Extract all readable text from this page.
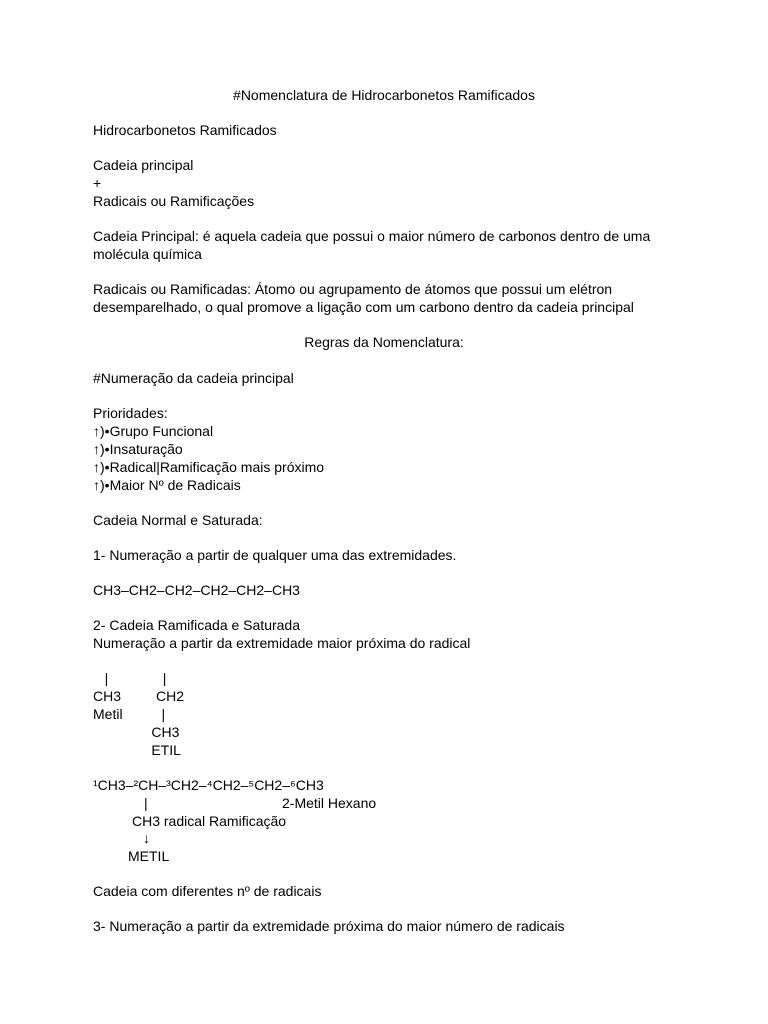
#Nomenclatura de Hidrocarbonetos Ramificados
Hidrocarbonetos Ramificados
Cadeia principal
+
Radicais ou Ramificações
Cadeia Principal: é aquela cadeia que possui o maior número de carbonos dentro de uma
molécula química
Radicais ou Ramificadas: Átomo ou agrupamento de átomos que possui um elétron
desemparelhado, o qual promove a ligação com um carbono dentro da cadeia principal
Regras da Nomenclatura:
#Numeração da cadeia principal
Prioridades:
↑)•Grupo Funcional
↑)•Insaturação
↑)•Radical|Ramificação mais próximo
↑)•Maior Nº de Radicais
Cadeia Normal e Saturada:
1- Numeração a partir de qualquer uma das extremidades.
CH3–CH2–CH2–CH2–CH2–CH3
2- Cadeia Ramificada e Saturada
Numeração a partir da extremidade maior próxima do radical
|              |
CH3         CH2
Metil          |
CH3
ETIL
¹CH3–²CH–³CH2–⁴CH2–⁵CH2–⁶CH3
|	2-Metil Hexano
CH3 radical Ramificação
↓
METIL
Cadeia com diferentes nº de radicais
3- Numeração a partir da extremidade próxima do maior número de radicais
